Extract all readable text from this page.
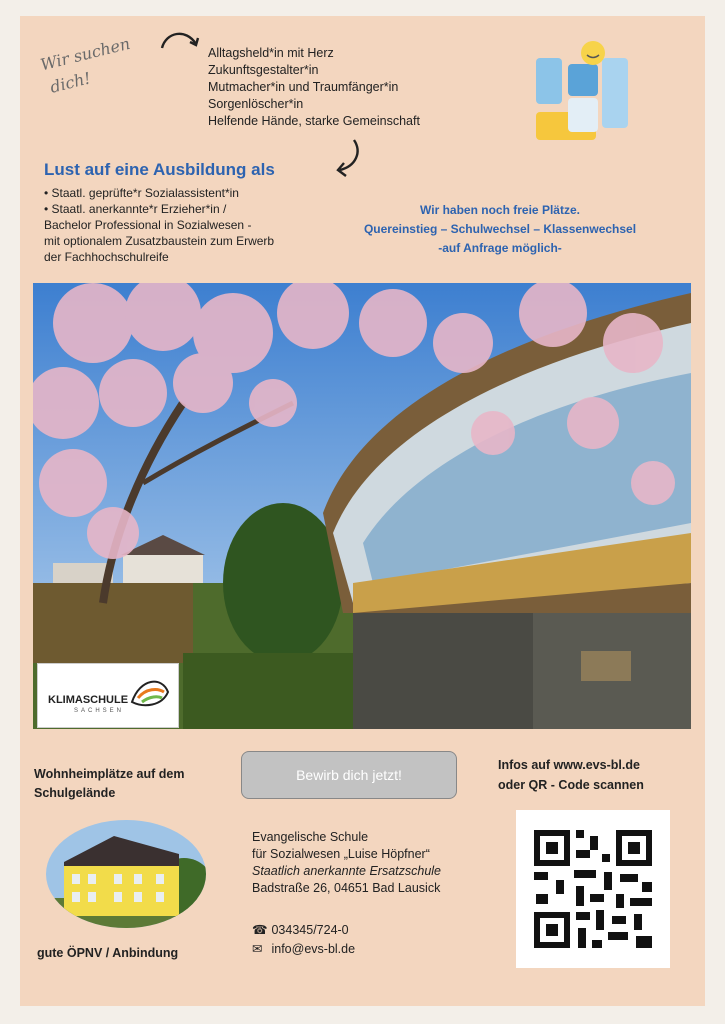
Wir suchen
dich!
Alltagsheld*in mit Herz
Zukunftsgestalter*in
Mutmacher*in und Traumfänger*in
Sorgenlöscher*in
Helfende Hände, starke Gemeinschaft
Lust auf eine Ausbildung als
• Staatl. geprüfte*r Sozialassistent*in
• Staatl. anerkannte*r Erzieher*in /
Bachelor Professional in Sozialwesen -
mit optionalem Zusatzbaustein zum Erwerb
der Fachhochschulreife
Wir haben noch freie Plätze.
Quereinstieg – Schulwechsel – Klassenwechsel
-auf Anfrage möglich-
KLIMASCHULE
SACHSEN
Wohnheimplätze auf dem
Schulgelände
Bewirb dich jetzt!
Infos auf www.evs-bl.de
oder QR - Code scannen
gute ÖPNV / Anbindung
Evangelische Schule
für Sozialwesen „Luise Höpfner“
Staatlich anerkannte Ersatzschule
Badstraße 26, 04651 Bad Lausick
☎ 034345/724-0
✉ info@evs-bl.de
